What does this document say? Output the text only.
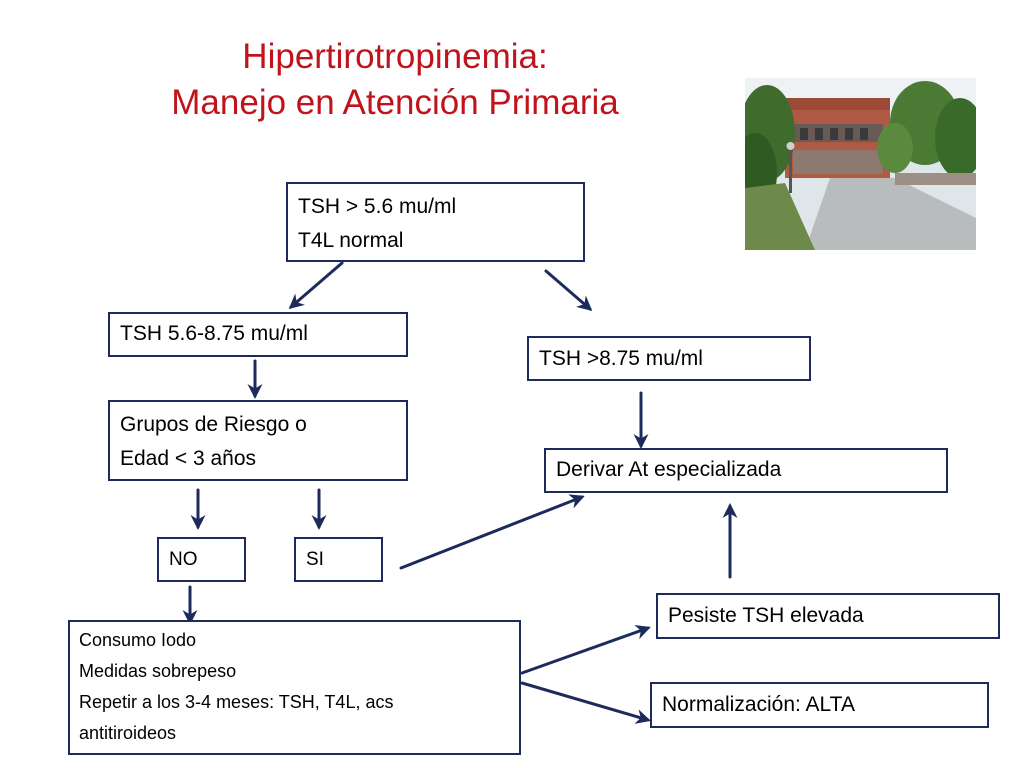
Hipertirotropinemia:
Manejo en Atención Primaria
TSH > 5.6 mu/ml
T4L normal
TSH 5.6-8.75 mu/ml
TSH >8.75 mu/ml
Grupos de Riesgo o
Edad < 3 años	Derivar At especializada
NO	SI
Pesiste TSH elevada
Consumo Iodo
Medidas sobrepeso
Repetir a los 3-4 meses: TSH, T4L, acs
antitiroideos
Normalización: ALTA
